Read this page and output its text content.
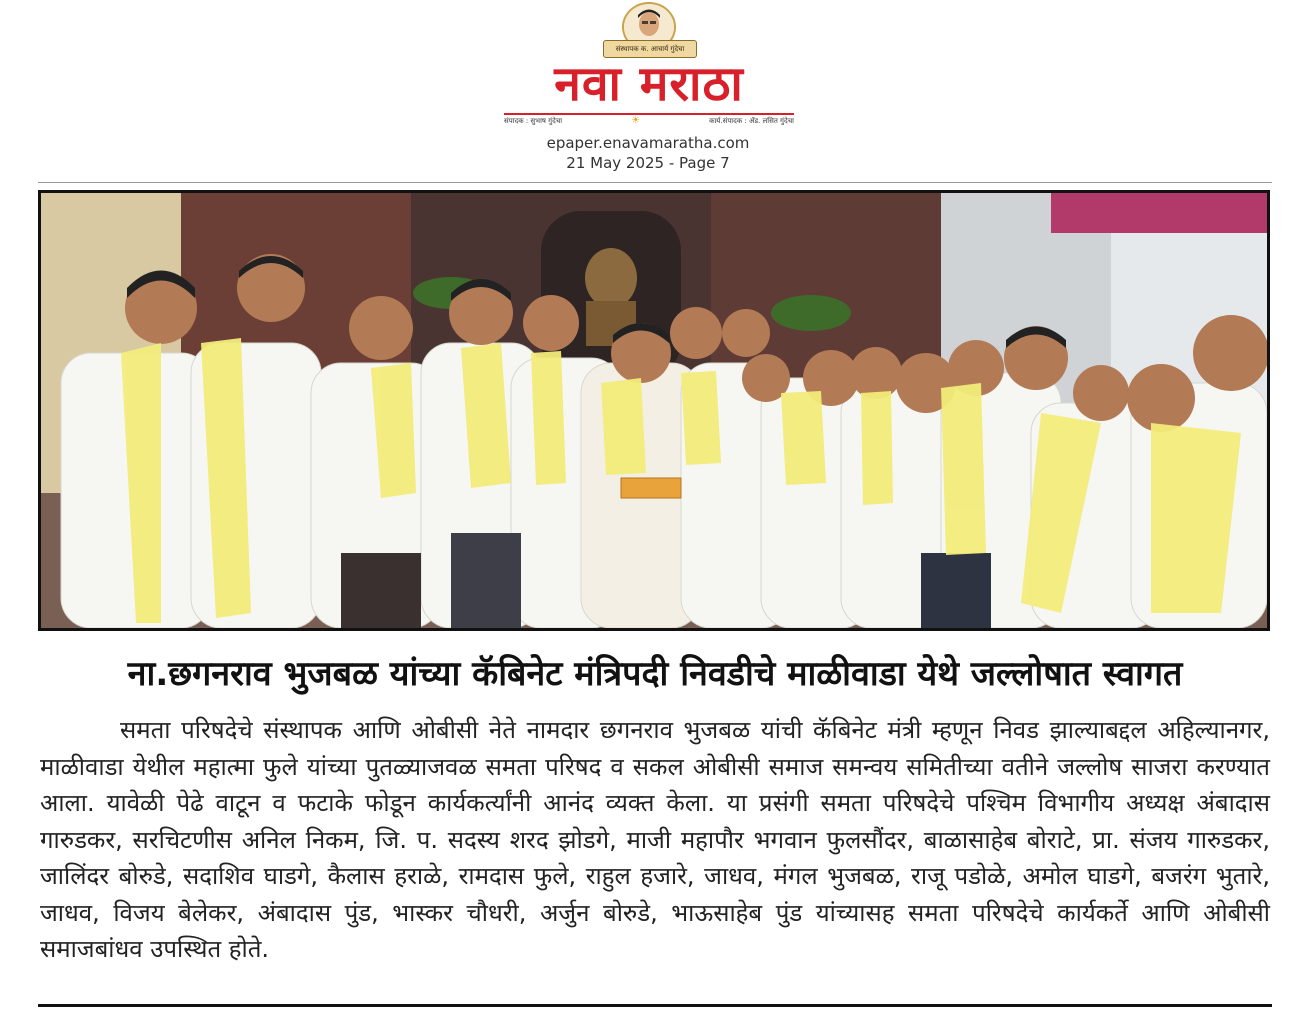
संस्थापक क. आचार्य गुंदेचा
नवा मराठा
संपादक : सुभाष गुंदेचा	☀	कार्य.संपादक : ॲड. लसित गुंदेचा
epaper.enavamaratha.com
21 May 2025 - Page 7
ना.छगनराव भुजबळ यांच्या कॅबिनेट मंत्रिपदी निवडीचे माळीवाडा येथे जल्लोषात स्वागत
समता परिषदेचे संस्थापक आणि ओबीसी नेते नामदार छगनराव भुजबळ यांची कॅबिनेट मंत्री म्हणून निवड झाल्याबद्दल अहिल्यानगर, माळीवाडा येथील महात्मा फुले यांच्या पुतळ्याजवळ समता परिषद व सकल ओबीसी समाज समन्वय समितीच्या वतीने जल्लोष साजरा करण्यात आला. यावेळी पेढे वाटून व फटाके फोडून कार्यकर्त्यांनी आनंद व्यक्त केला. या प्रसंगी समता परिषदेचे पश्चिम विभागीय अध्यक्ष अंबादास गारुडकर, सरचिटणीस अनिल निकम, जि. प. सदस्य शरद झोडगे, माजी महापौर भगवान फुलसौंदर, बाळासाहेब बोराटे, प्रा. संजय गारुडकर, जालिंदर बोरुडे, सदाशिव घाडगे, कैलास हराळे, रामदास फुले, राहुल हजारे, जाधव, मंगल भुजबळ, राजू पडोळे, अमोल घाडगे, बजरंग भुतारे, जाधव, विजय बेलेकर, अंबादास पुंड, भास्कर चौधरी, अर्जुन बोरुडे, भाऊसाहेब पुंड यांच्यासह समता परिषदेचे कार्यकर्ते आणि ओबीसी समाजबांधव उपस्थित होते.
